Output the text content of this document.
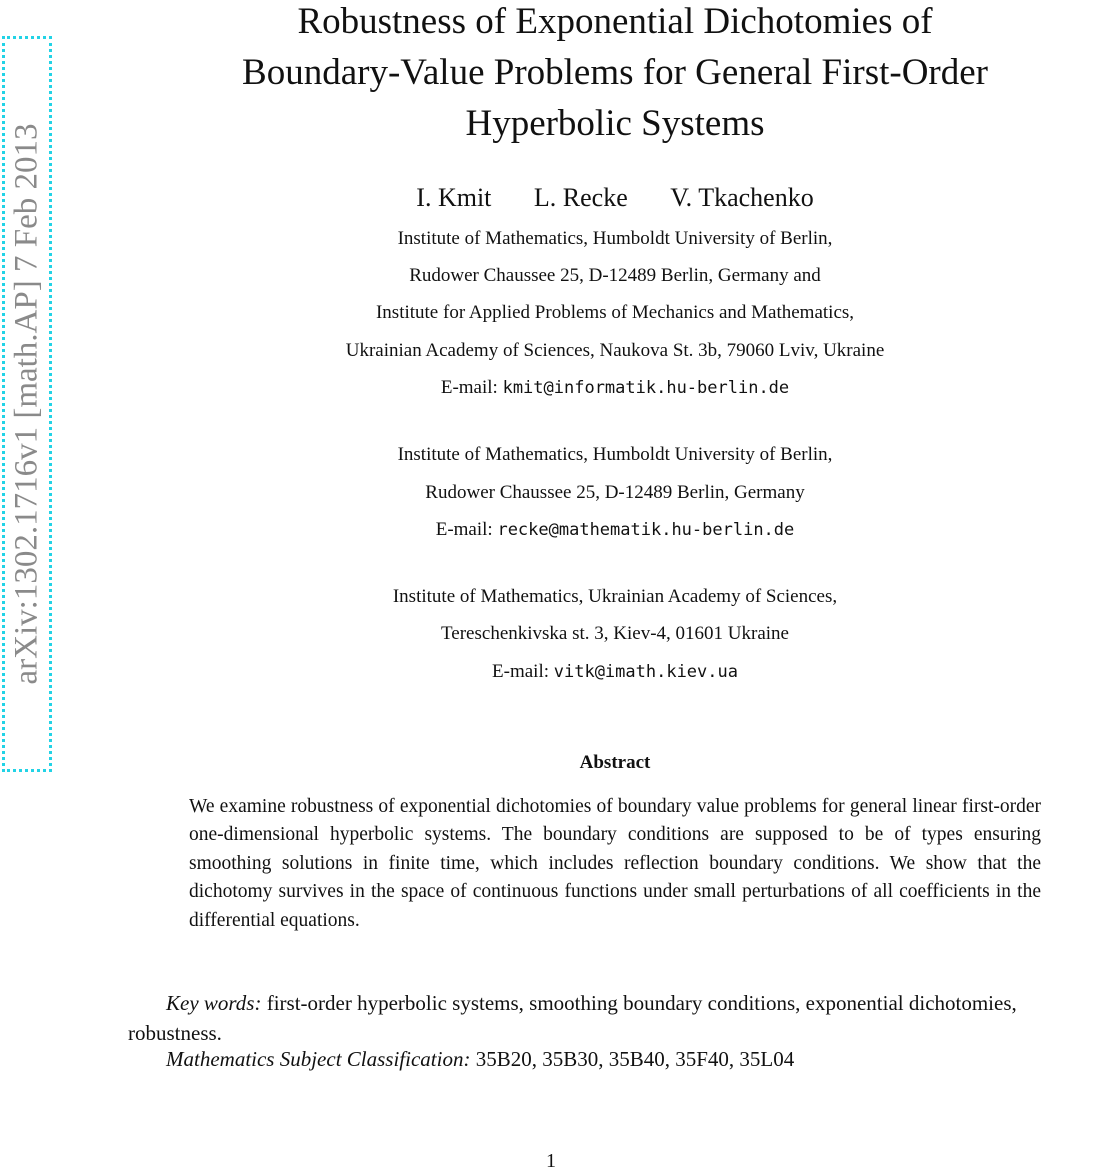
arXiv:1302.1716v1 [math.AP] 7 Feb 2013
Robustness of Exponential Dichotomies of
Boundary-Value Problems for General First-Order
Hyperbolic Systems
I. Kmit L. Recke V. Tkachenko
Institute of Mathematics, Humboldt University of Berlin,
Rudower Chaussee 25, D-12489 Berlin, Germany and
Institute for Applied Problems of Mechanics and Mathematics,
Ukrainian Academy of Sciences, Naukova St. 3b, 79060 Lviv, Ukraine
E-mail: kmit@informatik.hu-berlin.de
Institute of Mathematics, Humboldt University of Berlin,
Rudower Chaussee 25, D-12489 Berlin, Germany
E-mail: recke@mathematik.hu-berlin.de
Institute of Mathematics, Ukrainian Academy of Sciences,
Tereschenkivska st. 3, Kiev-4, 01601 Ukraine
E-mail: vitk@imath.kiev.ua
Abstract
We examine robustness of exponential dichotomies of boundary value problems for general linear first-order one-dimensional hyperbolic systems. The boundary conditions are supposed to be of types ensuring smoothing solutions in finite time, which includes reflection boundary conditions. We show that the dichotomy survives in the space of continuous functions under small perturbations of all coefficients in the differential equations.
Key words: first-order hyperbolic systems, smoothing boundary conditions, exponential dichotomies, robustness.
Mathematics Subject Classification: 35B20, 35B30, 35B40, 35F40, 35L04
1
